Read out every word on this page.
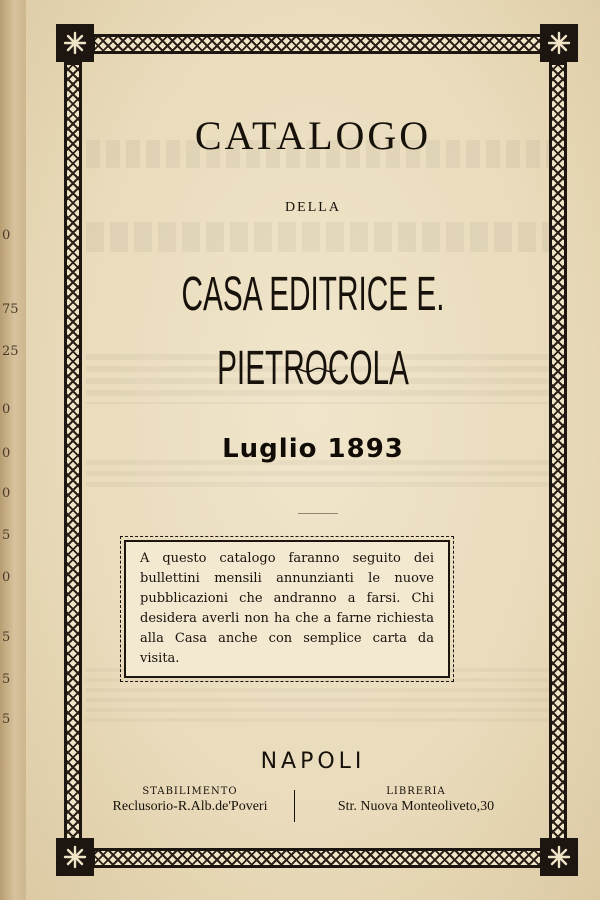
0
75
25
0
0
0
5
0
5
5
5
CATALOGO
DELLA
CASA EDITRICE E. PIETROCOLA
Luglio 1893

A questo catalogo faranno seguito dei bullettini mensili annunzianti le nuove pubblicazioni che andranno a farsi. Chi desidera averli non ha che a farne richiesta alla Casa anche con semplice carta da visita.

NAPOLI
STABILIMENTO
Reclusorio-R.Alb.de'Poveri
LIBRERIA
Str. Nuova Monteoliveto,30
